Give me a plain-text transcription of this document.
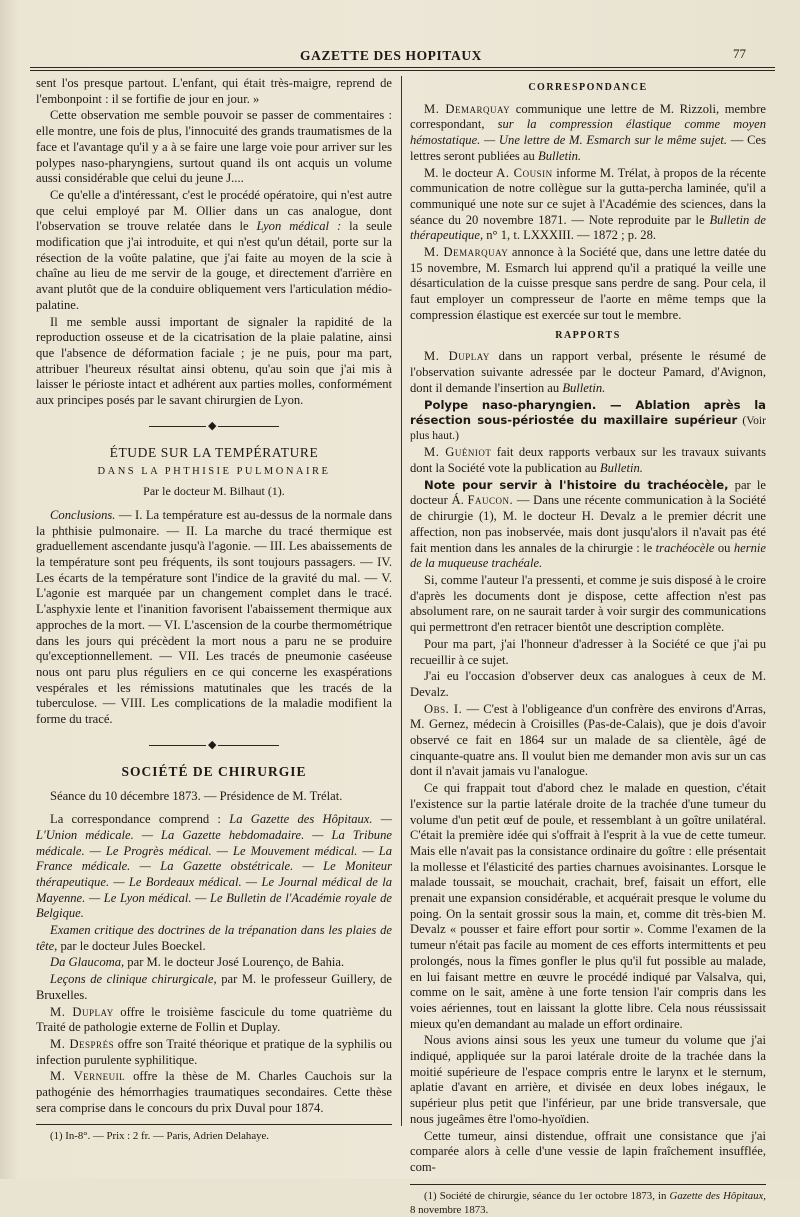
GAZETTE DES HOPITAUX	77

sent l'os presque partout. L'enfant, qui était très-maigre, reprend de l'embonpoint : il se fortifie de jour en jour. »

Cette observation me semble pouvoir se passer de commentaires : elle montre, une fois de plus, l'innocuité des grands traumatismes de la face et l'avantage qu'il y a à se faire une large voie pour arriver sur les polypes naso-pharyngiens, surtout quand ils ont acquis un volume aussi considérable que celui du jeune J....

Ce qu'elle a d'intéressant, c'est le procédé opératoire, qui n'est autre que celui employé par M. Ollier dans un cas analogue, dont l'observation se trouve relatée dans le Lyon médical : la seule modification que j'ai introduite, et qui n'est qu'un détail, porte sur la résection de la voûte palatine, que j'ai faite au moyen de la scie à chaîne au lieu de me servir de la gouge, et directement d'arrière en avant plutôt que de la conduire obliquement vers l'articulation médio-palatine.

Il me semble aussi important de signaler la rapidité de la reproduction osseuse et de la cicatrisation de la plaie palatine, ainsi que l'absence de déformation faciale ; je ne puis, pour ma part, attribuer l'heureux résultat ainsi obtenu, qu'au soin que j'ai mis à laisser le périoste intact et adhérent aux parties molles, conformément aux principes posés par le savant chirurgien de Lyon.

◆
ÉTUDE SUR LA TEMPÉRATURE
DANS LA PHTHISIE PULMONAIRE
Par le docteur M. Bilhaut (1).

Conclusions. — I. La température est au-dessus de la normale dans la phthisie pulmonaire. — II. La marche du tracé thermique est graduellement ascendante jusqu'à l'agonie. — III. Les abaissements de la température sont peu fréquents, ils sont toujours passagers. — IV. Les écarts de la température sont l'indice de la gravité du mal. — V. L'agonie est marquée par un changement complet dans le tracé. L'asphyxie lente et l'inanition favorisent l'abaissement thermique aux approches de la mort. — VI. L'ascension de la courbe thermométrique dans les jours qui précèdent la mort nous a paru ne se produire qu'exceptionnellement. — VII. Les tracés de pneumonie caséeuse nous ont paru plus réguliers en ce qui concerne les exaspérations vespérales et les rémissions matutinales que les tracés de la tuberculose. — VIII. Les complications de la maladie modifient la forme du tracé.

◆
SOCIÉTÉ DE CHIRURGIE

Séance du 10 décembre 1873. — Présidence de M. Trélat.

La correspondance comprend : La Gazette des Hôpitaux. — L'Union médicale. — La Gazette hebdomadaire. — La Tribune médicale. — Le Progrès médical. — Le Mouvement médical. — La France médicale. — La Gazette obstétricale. — Le Moniteur thérapeutique. — Le Bordeaux médical. — Le Journal médical de la Mayenne. — Le Lyon médical. — Le Bulletin de l'Académie royale de Belgique.

Examen critique des doctrines de la trépanation dans les plaies de tête, par le docteur Jules Boeckel.

Da Glaucoma, par M. le docteur José Lourenço, de Bahia.

Leçons de clinique chirurgicale, par M. le professeur Guillery, de Bruxelles.

M. Duplay offre le troisième fascicule du tome quatrième du Traité de pathologie externe de Follin et Duplay.

M. Després offre son Traité théorique et pratique de la syphilis ou infection purulente syphilitique.

M. Verneuil offre la thèse de M. Charles Cauchois sur la pathogénie des hémorrhagies traumatiques secondaires. Cette thèse sera comprise dans le concours du prix Duval pour 1874.

(1) In-8°. — Prix : 2 fr. — Paris, Adrien Delahaye.

CORRESPONDANCE

M. Demarquay communique une lettre de M. Rizzoli, membre correspondant, sur la compression élastique comme moyen hémostatique. — Une lettre de M. Esmarch sur le même sujet. — Ces lettres seront publiées au Bulletin.

M. le docteur A. Cousin informe M. Trélat, à propos de la récente communication de notre collègue sur la gutta-percha laminée, qu'il a communiqué une note sur ce sujet à l'Académie des sciences, dans la séance du 20 novembre 1871. — Note reproduite par le Bulletin de thérapeutique, n° 1, t. LXXXIII. — 1872 ; p. 28.

M. Demarquay annonce à la Société que, dans une lettre datée du 15 novembre, M. Esmarch lui apprend qu'il a pratiqué la veille une désarticulation de la cuisse presque sans perdre de sang. Pour cela, il faut employer un compresseur de l'aorte en même temps que la compression élastique est exercée sur tout le membre.

RAPPORTS

M. Duplay dans un rapport verbal, présente le résumé de l'observation suivante adressée par le docteur Pamard, d'Avignon, dont il demande l'insertion au Bulletin.

Polype naso-pharyngien. — Ablation après la résection sous-périostée du maxillaire supérieur (Voir plus haut.)

M. Guéniot fait deux rapports verbaux sur les travaux suivants dont la Société vote la publication au Bulletin.

Note pour servir à l'histoire du trachéocèle, par le docteur Á. Faucon. — Dans une récente communication à la Société de chirurgie (1), M. le docteur H. Devalz a le premier décrit une affection, non pas inobservée, mais dont jusqu'alors il n'avait pas été fait mention dans les annales de la chirurgie : le trachéocèle ou hernie de la muqueuse trachéale.

Si, comme l'auteur l'a pressenti, et comme je suis disposé à le croire d'après les documents dont je dispose, cette affection n'est pas absolument rare, on ne saurait tarder à voir surgir des communications qui permettront d'en retracer bientôt une description complète.

Pour ma part, j'ai l'honneur d'adresser à la Société ce que j'ai pu recueillir à ce sujet.

J'ai eu l'occasion d'observer deux cas analogues à ceux de M. Devalz.

Obs. I. — C'est à l'obligeance d'un confrère des environs d'Arras, M. Gernez, médecin à Croisilles (Pas-de-Calais), que je dois d'avoir observé ce fait en 1864 sur un malade de sa clientèle, âgé de cinquante-quatre ans. Il voulut bien me demander mon avis sur un cas dont il n'avait jamais vu l'analogue.

Ce qui frappait tout d'abord chez le malade en question, c'était l'existence sur la partie latérale droite de la trachée d'une tumeur du volume d'un petit œuf de poule, et ressemblant à un goître unilatéral. C'était la première idée qui s'offrait à l'esprit à la vue de cette tumeur. Mais elle n'avait pas la consistance ordinaire du goître : elle présentait la mollesse et l'élasticité des parties charnues avoisinantes. Lorsque le malade toussait, se mouchait, crachait, bref, faisait un effort, elle prenait une expansion considérable, et acquérait presque le volume du poing. On la sentait grossir sous la main, et, comme dit très-bien M. Devalz « pousser et faire effort pour sortir ». Comme l'examen de la tumeur n'était pas facile au moment de ces efforts intermittents et peu prolongés, nous la fîmes gonfler le plus qu'il fut possible au malade, en lui faisant mettre en œuvre le procédé indiqué par Valsalva, qui, comme on le sait, amène à une forte tension l'air compris dans les voies aériennes, tout en laissant la glotte libre. Cela nous réussissait mieux qu'en demandant au malade un effort ordinaire.

Nous avions ainsi sous les yeux une tumeur du volume que j'ai indiqué, appliquée sur la paroi latérale droite de la trachée dans la moitié supérieure de l'espace compris entre le larynx et le sternum, aplatie d'avant en arrière, et divisée en deux lobes inégaux, le supérieur plus petit que l'inférieur, par une bride transversale, que nous jugeâmes être l'omo-hyoïdien.

Cette tumeur, ainsi distendue, offrait une consistance que j'ai comparée alors à celle d'une vessie de lapin fraîchement insufflée, com-

(1) Société de chirurgie, séance du 1er octobre 1873, in Gazette des Hôpitaux, 8 novembre 1873.
